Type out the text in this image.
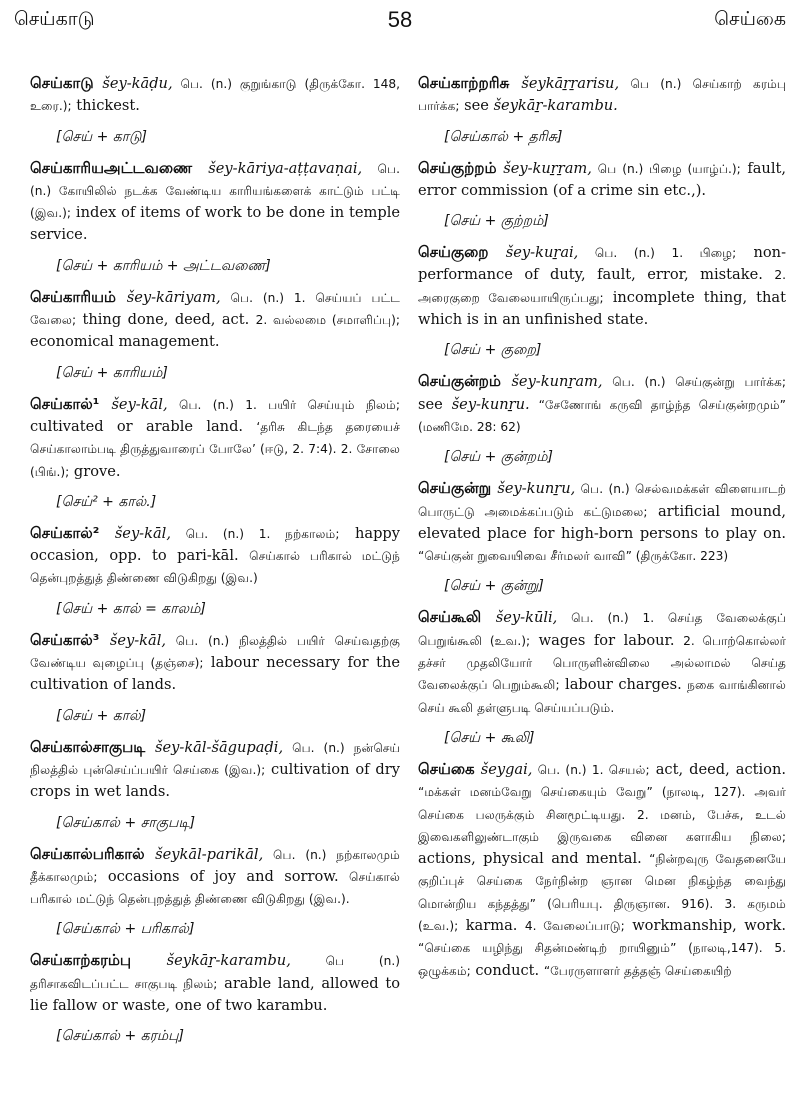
செய்காடு	58	செய்கை

செய்காடு šey-kāḍu, பெ. (n.) குறுங்காடு (திருக்கோ. 148, உரை.); thickest.

[செய் + காடு]

செய்காரியஅட்டவணை šey-kāriya-aṭṭavaṇai, பெ. (n.) கோயிலில் நடக்க வேண்டிய காரியங்களைக் காட்டும் பட்டி (இவ.); index of items of work to be done in temple service.

[செய் + காரியம் + அட்டவணை]

செய்காரியம் šey-kāriyam, பெ. (n.) 1. செய்யப் பட்ட வேலை; thing done, deed, act. 2. வல்லமை (சமாளிப்பு); economical management.

[செய் + காரியம்]

செய்கால்¹ šey-kāl, பெ. (n.) 1. பயிர் செய்யும் நிலம்; cultivated or arable land. ‘தரிசு கிடந்த தரையைச் செய்காலாம்படி திருத்துவாரைப் போலே’ (ஈடு, 2. 7:4). 2. சோலை (பிங்.); grove.

[செய்² + கால்.]

செய்கால்² šey-kāl, பெ. (n.) 1. நற்காலம்; happy occasion, opp. to pari-kāl. செய்கால் பரிகால் மட்டுந் தென்புறத்துத் திண்ணை விடுகிறது (இவ.)

[செய் + கால் = காலம்]

செய்கால்³ šey-kāl, பெ. (n.) நிலத்தில் பயிர் செய்வதற்கு வேண்டிய வுழைப்பு (தஞ்சை); labour necessary for the cultivation of lands.

[செய் + கால்]

செய்கால்சாகுபடி šey-kāl-šāgupaḍi, பெ. (n.) நன்செய் நிலத்தில் புன்செய்ப்பயிர் செய்கை (இவ.); cultivation of dry crops in wet lands.

[செய்கால் + சாகுபடி]

செய்கால்பரிகால் šeykāl-parikāl, பெ. (n.) நற்காலமும் தீக்காலமும்; occasions of joy and sorrow. செய்கால் பரிகால் மட்டுந் தென்புறத்துத் திண்ணை விடுகிறது (இவ.).

[செய்கால் + பரிகால்]

செய்காற்கரம்பு šeykāṟ-karambu, பெ (n.) தரிசாகவிடப்பட்ட சாகுபடி நிலம்; arable land, allowed to lie fallow or waste, one of two karambu.

[செய்கால் + கரம்பு]

செய்காற்றரிசு šeykāṟṟarisu, பெ (n.) செய்காற் கரம்பு பார்க்க; see šeykāṟ-karambu.

[செய்கால் + தரிசு]

செய்குற்றம் šey-kuṟṟam, பெ (n.) பிழை (யாழ்ப்.); fault, error commission (of a crime sin etc.,).

[செய் + குற்றம்]

செய்குறை šey-kuṟai, பெ. (n.) 1. பிழை; non-performance of duty, fault, error, mistake. 2. அரைகுறை வேலையாயிருப்பது; incomplete thing, that which is in an unfinished state.

[செய் + குறை]

செய்குன்றம் šey-kunṟam, பெ. (n.) செய்குன்று பார்க்க; see šey-kunṟu. “சேணோங் கருவி தாழ்ந்த செய்குன்றமும்” (மணிமே. 28: 62)

[செய் + குன்றம்]

செய்குன்று šey-kunṟu, பெ. (n.) செல்வமக்கள் விளையாடற் பொருட்டு அமைக்கப்படும் கட்டுமலை; artificial mound, elevated place for high-born persons to play on. “செய்குன் றுவையிவை சீர்மலர் வாவி” (திருக்கோ. 223)

[செய் + குன்று]

செய்கூலி šey-kūli, பெ. (n.) 1. செய்த வேலைக்குப் பெறுங்கூலி (உவ.); wages for labour. 2. பொற்கொல்லர் தச்சர் முதலியோர் பொருளின்விலை அல்லாமல் செய்த வேலைக்குப் பெறும்கூலி; labour charges. நகை வாங்கினால் செய் கூலி தள்ளுபடி செய்யப்படும்.

[செய் + கூலி]

செய்கை šeygai, பெ. (n.) 1. செயல்; act, deed, action. “மக்கள் மனம்வேறு செய்கையும் வேறு” (நாலடி, 127). அவர் செய்கை பலருக்கும் சினமூட்டியது. 2. மனம், பேச்சு, உடல் இவைகளிலுண்டாகும் இருவகை வினை களாகிய நிலை; actions, physical and mental. “நின்றவுரு வேதனையே குறிப்புச் செய்கை நேர்நின்ற ஞான மென நிகழ்ந்த வைந்து மொன்றிய கந்தத்து” (பெரியபு. திருஞான. 916). 3. கருமம் (உவ.); karma. 4. வேலைப்பாடு; workmanship, work. “செய்கை யழிந்து சிதன்மண்டிற் றாயினும்” (நாலடி,147). 5. ஒழுக்கம்; conduct. “பேரருளாளர் தத்தஞ் செய்கையிற்
